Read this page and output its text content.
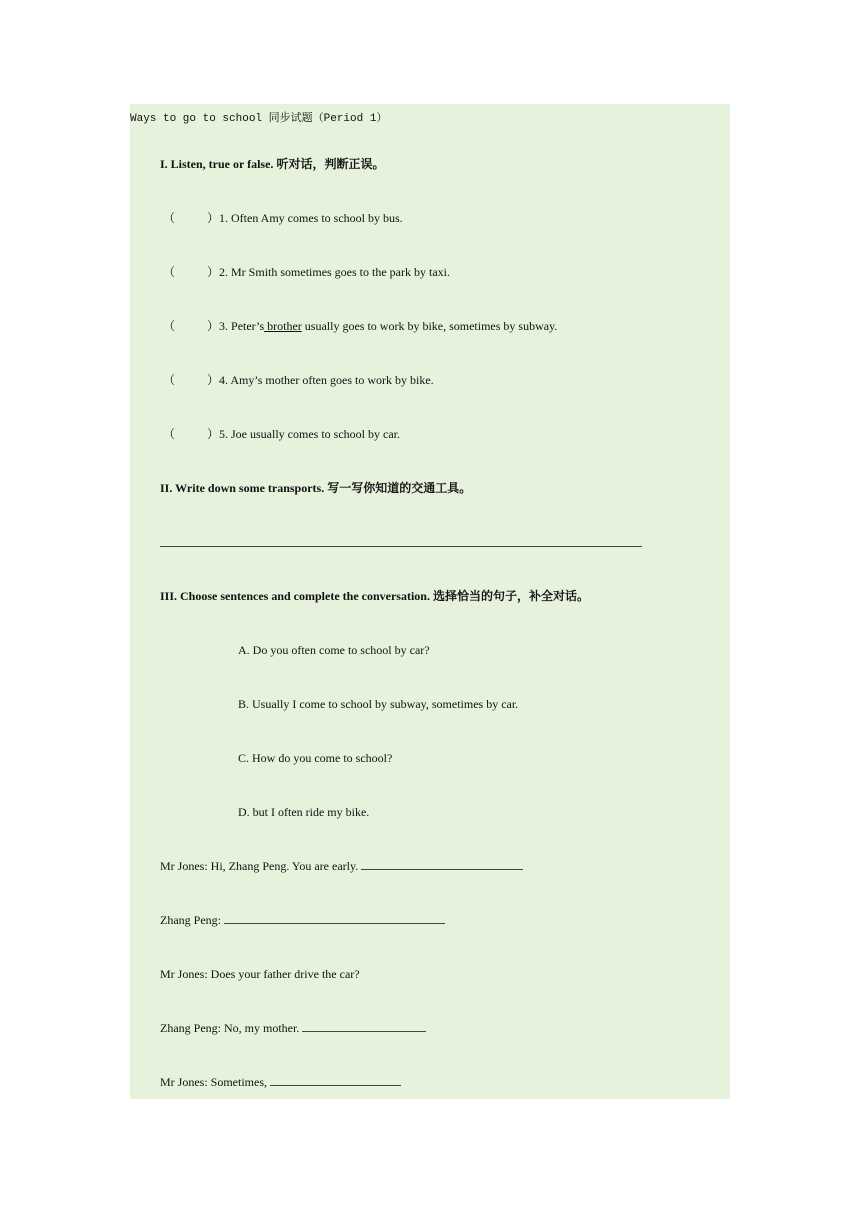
Ways to go to school 同步试题（Period 1）
I. Listen, true or false. 听对话，判断正误。
（	）1. Often Amy comes to school by bus.
（	）2. Mr Smith sometimes goes to the park by taxi.
（	）3. Peter’s brother usually goes to work by bike, sometimes by subway.
（	）4. Amy’s mother often goes to work by bike.
（	）5. Joe usually comes to school by car.
II. Write down some transports. 写一写你知道的交通工具。
III. Choose sentences and complete the conversation. 选择恰当的句子，补全对话。
A. Do you often come to school by car?
B. Usually I come to school by subway, sometimes by car.
C. How do you come to school?
D. but I often ride my bike.
Mr Jones: Hi, Zhang Peng. You are early.
Zhang Peng:
Mr Jones: Does your father drive the car?
Zhang Peng: No, my mother.
Mr Jones: Sometimes,
